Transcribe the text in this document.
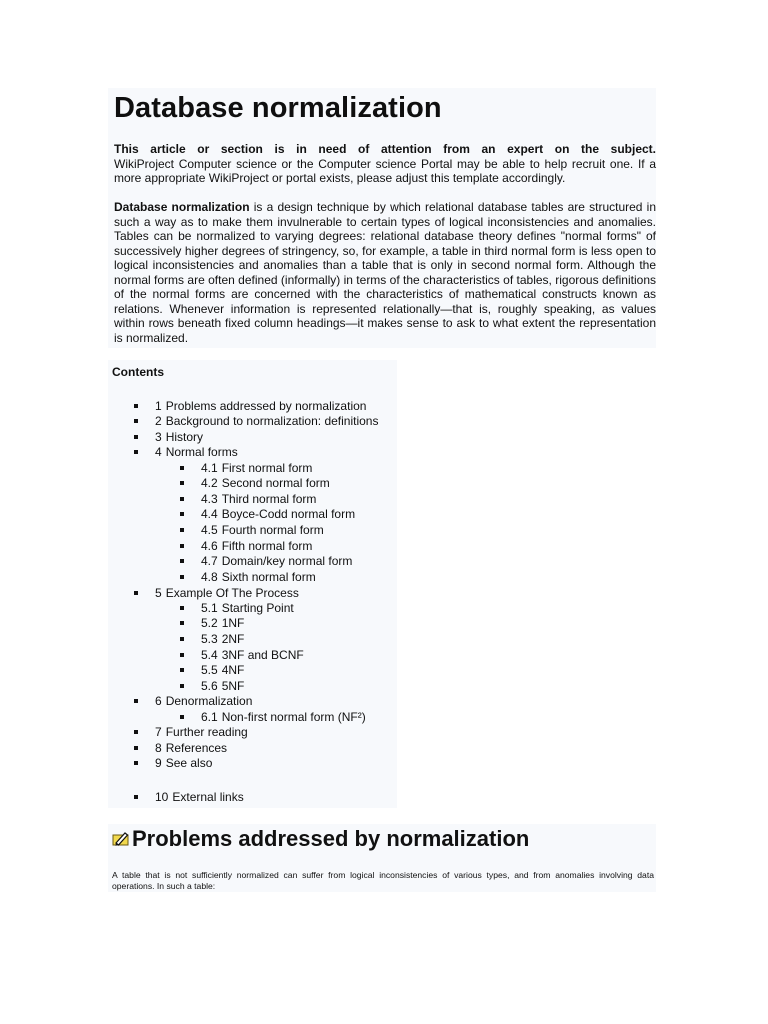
Database normalization

This article or section is in need of attention from an expert on the subject.
WikiProject Computer science or the Computer science Portal may be able to help recruit one. If a more appropriate WikiProject or portal exists, please adjust this template accordingly.

Database normalization is a design technique by which relational database tables are structured in such a way as to make them invulnerable to certain types of logical inconsistencies and anomalies. Tables can be normalized to varying degrees: relational database theory defines "normal forms" of successively higher degrees of stringency, so, for example, a table in third normal form is less open to logical inconsistencies and anomalies than a table that is only in second normal form. Although the normal forms are often defined (informally) in terms of the characteristics of tables, rigorous definitions of the normal forms are concerned with the characteristics of mathematical constructs known as relations. Whenever information is represented relationally—that is, roughly speaking, as values within rows beneath fixed column headings—it makes sense to ask to what extent the representation is normalized.

Contents
1 Problems addressed by normalization
2 Background to normalization: definitions
3 History
4 Normal forms
4.1 First normal form
4.2 Second normal form
4.3 Third normal form
4.4 Boyce-Codd normal form
4.5 Fourth normal form
4.6 Fifth normal form
4.7 Domain/key normal form
4.8 Sixth normal form
5 Example Of The Process
5.1 Starting Point
5.2 1NF
5.3 2NF
5.4 3NF and BCNF
5.5 4NF
5.6 5NF
6 Denormalization
6.1 Non-first normal form (NF²)
7 Further reading
8 References
9 See also
10 External links
Problems addressed by normalization
A table that is not sufficiently normalized can suffer from logical inconsistencies of various types, and from anomalies involving data operations. In such a table:
